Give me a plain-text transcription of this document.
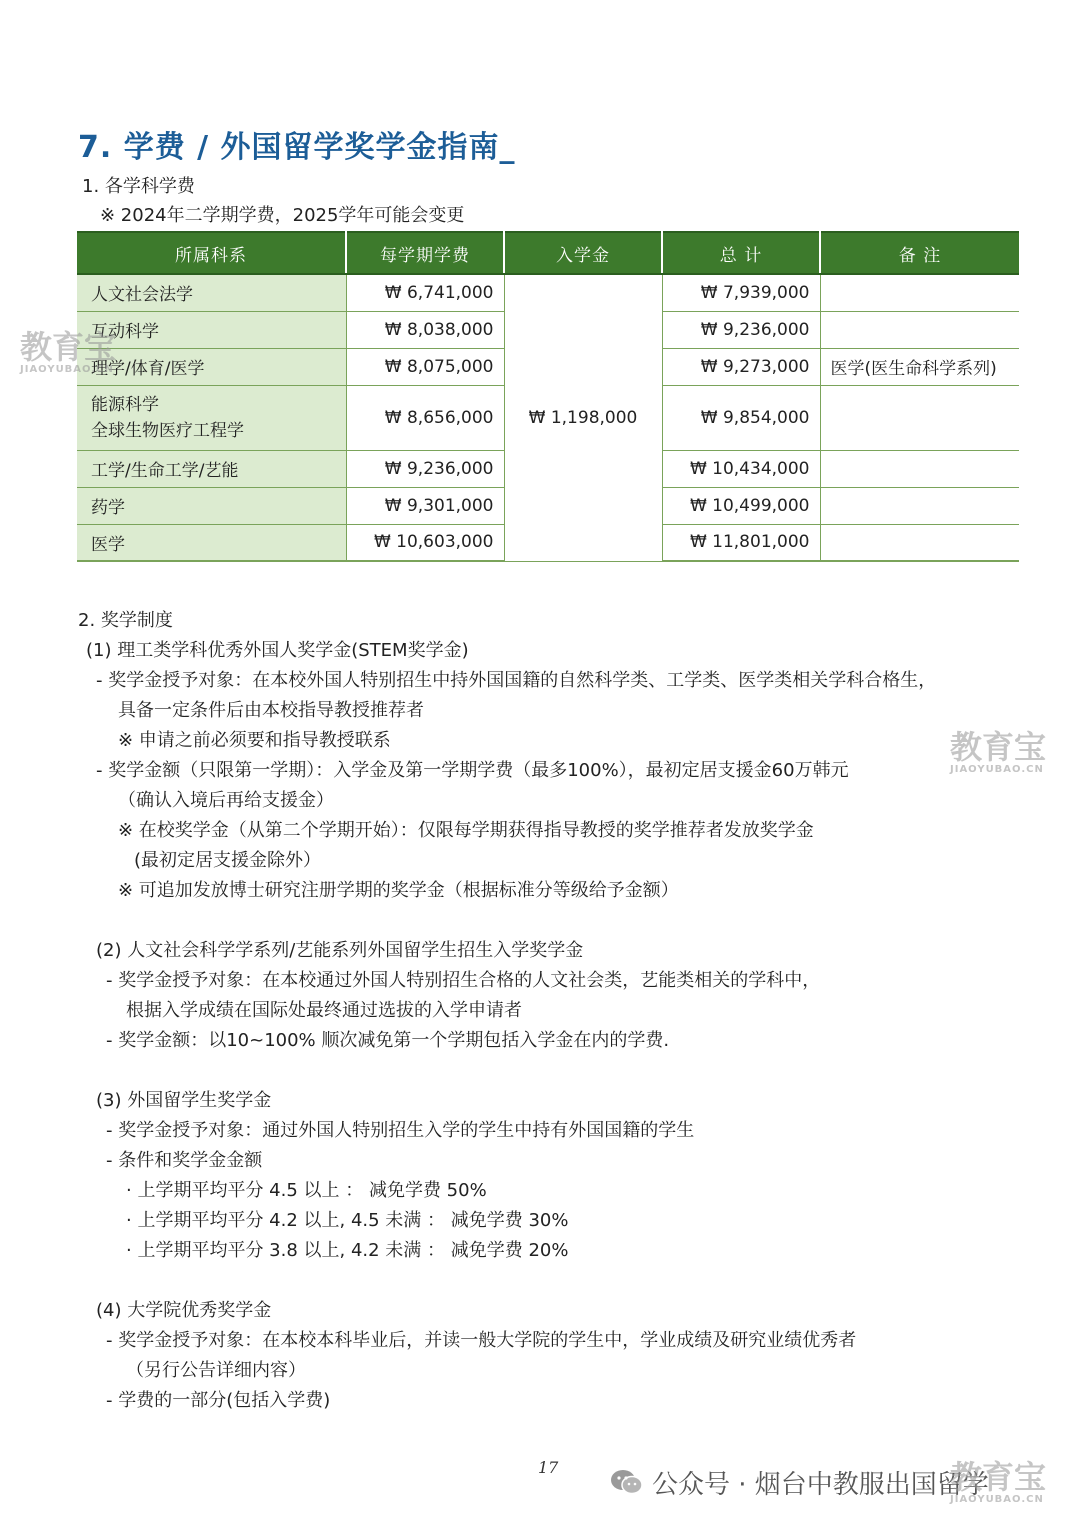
7. 学费 / 外国留学奖学金指南_
1. 各学科学费
※ 2024年二学期学费，2025学年可能会变更
所属科系	每学期学费	入学金	总 计	备 注
人文社会法学	₩ 6,741,000	₩ 1,198,000	₩ 7,939,000	
互动科学	₩ 8,038,000		₩ 9,236,000	
理学/体育/医学	₩ 8,075,000		₩ 9,273,000	医学(医生命科学系列)

能源科学
全球生物医疗工程学	₩ 8,656,000		₩ 9,854,000	
工学/生命工学/艺能	₩ 9,236,000		₩ 10,434,000	
药学	₩ 9,301,000		₩ 10,499,000	
医学	₩ 10,603,000		₩ 11,801,000	
2. 奖学制度
(1) 理工类学科优秀外国人奖学金(STEM奖学金)
- 奖学金授予对象：在本校外国人特别招生中持外国国籍的自然科学类、工学类、医学类相关学科合格生，
具备一定条件后由本校指导教授推荐者
※ 申请之前必须要和指导教授联系
- 奖学金额（只限第一学期）：入学金及第一学期学费（最多100%），最初定居支援金60万韩元
（确认入境后再给支援金）
※ 在校奖学金（从第二个学期开始）：仅限每学期获得指导教授的奖学推荐者发放奖学金
(最初定居支援金除外）
※ 可追加发放博士研究注册学期的奖学金（根据标准分等级给予金额）
(2) 人文社会科学学系列/艺能系列外国留学生招生入学奖学金
- 奖学金授予对象：在本校通过外国人特别招生合格的人文社会类，艺能类相关的学科中，
根据入学成绩在国际处最终通过选拔的入学申请者
- 奖学金额：以10~100% 顺次减免第一个学期包括入学金在内的学费.
(3) 外国留学生奖学金
- 奖学金授予对象：通过外国人特别招生入学的学生中持有外国国籍的学生
- 条件和奖学金金额
· 上学期平均平分 4.5 以上 ： 减免学费 50%
· 上学期平均平分 4.2 以上, 4.5 未满 ： 减免学费 30%
· 上学期平均平分 3.8 以上, 4.2 未满 ： 减免学费 20%
(4) 大学院优秀奖学金
- 奖学金授予对象：在本校本科毕业后，并读一般大学院的学生中，学业成绩及研究业绩优秀者
（另行公告详细内容）
- 学费的一部分(包括入学费)
17
公众号 · 烟台中教服出国留学
教育宝
JIAOYUBAO.CN
教育宝
JIAOYUBAO.CN
教育宝
JIAOYUBAO.CN
